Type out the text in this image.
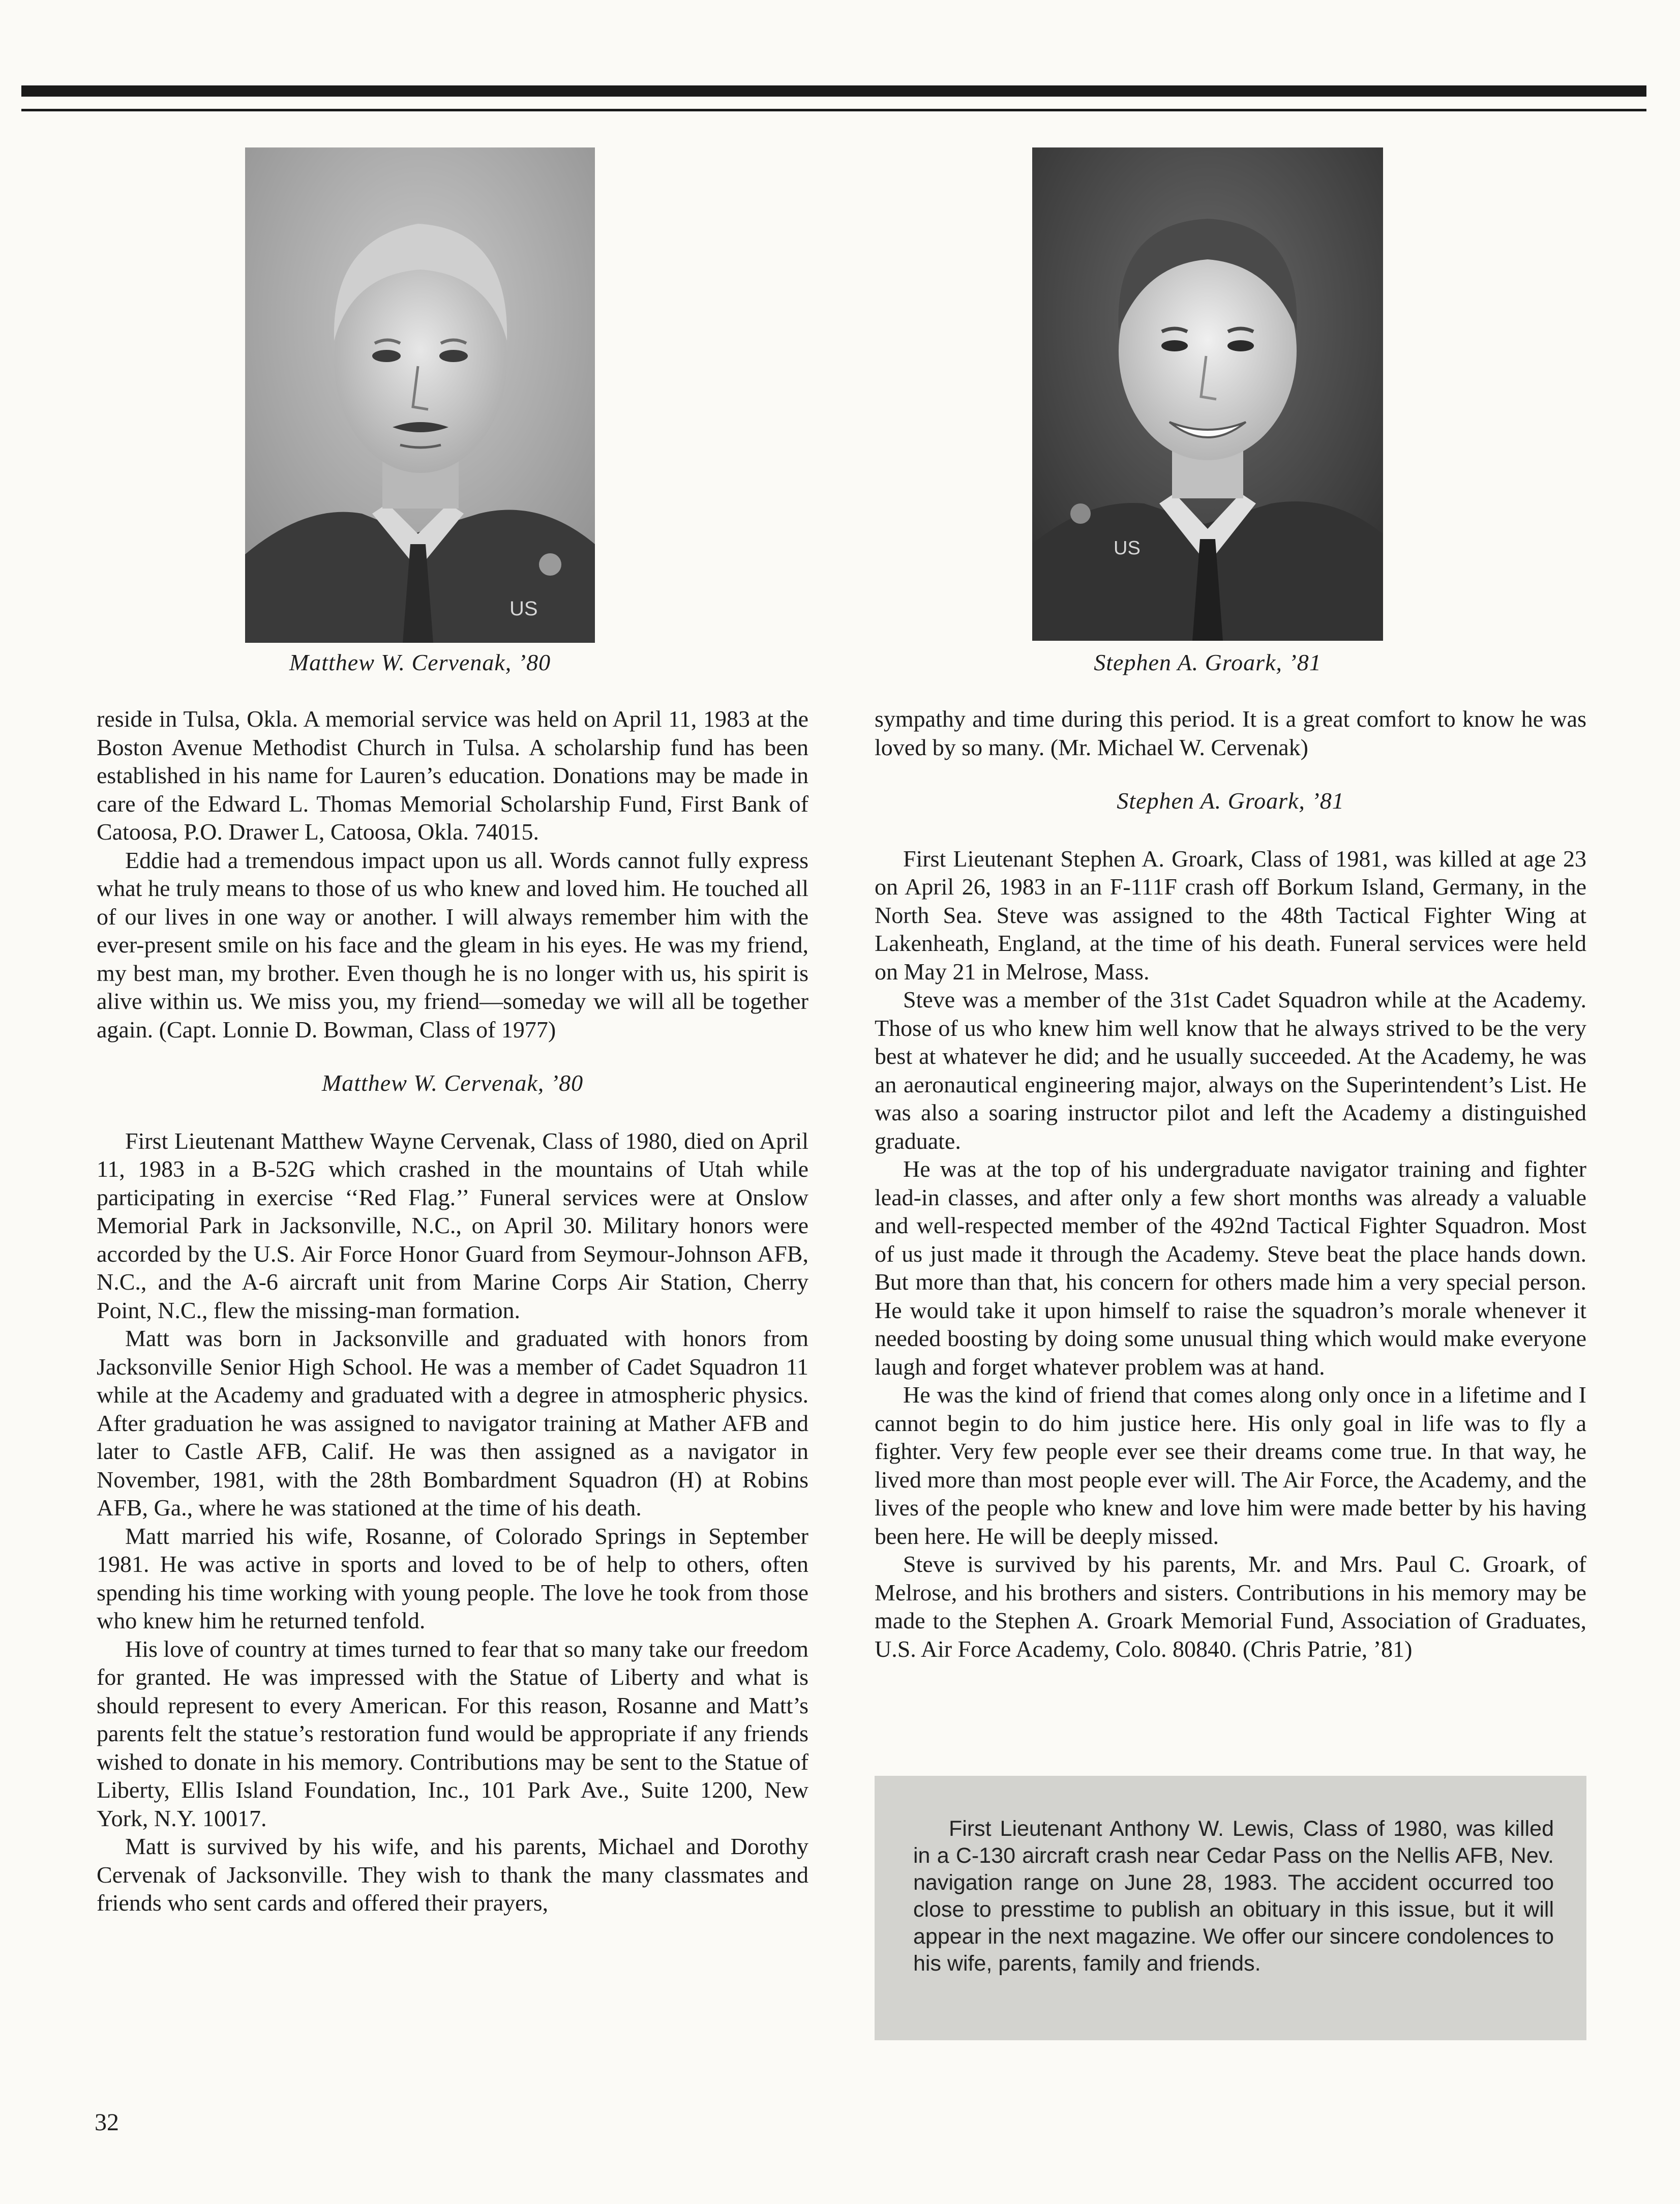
US
Matthew W. Cervenak, ’80
US
Stephen A. Groark, ’81

reside in Tulsa, Okla. A memorial service was held on April 11, 1983 at the Boston Avenue Methodist Church in Tulsa. A scholarship fund has been established in his name for Lauren’s education. Donations may be made in care of the Edward L. Thomas Memorial Scholarship Fund, First Bank of Catoosa, P.O. Drawer L, Catoosa, Okla. 74015.

Eddie had a tremendous impact upon us all. Words cannot fully express what he truly means to those of us who knew and loved him. He touched all of our lives in one way or another. I will always remember him with the ever-present smile on his face and the gleam in his eyes. He was my friend, my best man, my brother. Even though he is no longer with us, his spirit is alive within us. We miss you, my friend—someday we will all be together again. (Capt. Lonnie D. Bowman, Class of 1977)

Matthew W. Cervenak, ’80

First Lieutenant Matthew Wayne Cervenak, Class of 1980, died on April 11, 1983 in a B-52G which crashed in the mountains of Utah while participating in exercise ‘‘Red Flag.’’ Funeral services were at Onslow Memorial Park in Jacksonville, N.C., on April 30. Military honors were accorded by the U.S. Air Force Honor Guard from Seymour-Johnson AFB, N.C., and the A-6 aircraft unit from Marine Corps Air Station, Cherry Point, N.C., flew the missing-man formation.

Matt was born in Jacksonville and graduated with honors from Jacksonville Senior High School. He was a member of Cadet Squadron 11 while at the Academy and graduated with a degree in atmospheric physics. After graduation he was assigned to navigator training at Mather AFB and later to Castle AFB, Calif. He was then assigned as a navigator in November, 1981, with the 28th Bombardment Squadron (H) at Robins AFB, Ga., where he was stationed at the time of his death.

Matt married his wife, Rosanne, of Colorado Springs in September 1981. He was active in sports and loved to be of help to others, often spending his time working with young people. The love he took from those who knew him he returned tenfold.

His love of country at times turned to fear that so many take our freedom for granted. He was impressed with the Statue of Liberty and what is should represent to every American. For this reason, Rosanne and Matt’s parents felt the statue’s restoration fund would be appropriate if any friends wished to donate in his memory. Contributions may be sent to the Statue of Liberty, Ellis Island Foundation, Inc., 101 Park Ave., Suite 1200, New York, N.Y. 10017.

Matt is survived by his wife, and his parents, Michael and Dorothy Cervenak of Jacksonville. They wish to thank the many classmates and friends who sent cards and offered their prayers,

sympathy and time during this period. It is a great comfort to know he was loved by so many. (Mr. Michael W. Cervenak)

Stephen A. Groark, ’81

First Lieutenant Stephen A. Groark, Class of 1981, was killed at age 23 on April 26, 1983 in an F-111F crash off Borkum Island, Germany, in the North Sea. Steve was assigned to the 48th Tactical Fighter Wing at Lakenheath, England, at the time of his death. Funeral services were held on May 21 in Melrose, Mass.

Steve was a member of the 31st Cadet Squadron while at the Academy. Those of us who knew him well know that he always strived to be the very best at whatever he did; and he usually succeeded. At the Academy, he was an aeronautical engineering major, always on the Superintendent’s List. He was also a soaring instructor pilot and left the Academy a distinguished graduate.

He was at the top of his undergraduate navigator training and fighter lead-in classes, and after only a few short months was already a valuable and well-respected member of the 492nd Tactical Fighter Squadron. Most of us just made it through the Academy. Steve beat the place hands down. But more than that, his concern for others made him a very special person. He would take it upon himself to raise the squadron’s morale whenever it needed boosting by doing some unusual thing which would make everyone laugh and forget whatever problem was at hand.

He was the kind of friend that comes along only once in a lifetime and I cannot begin to do him justice here. His only goal in life was to fly a fighter. Very few people ever see their dreams come true. In that way, he lived more than most people ever will. The Air Force, the Academy, and the lives of the people who knew and love him were made better by his having been here. He will be deeply missed.

Steve is survived by his parents, Mr. and Mrs. Paul C. Groark, of Melrose, and his brothers and sisters. Contributions in his memory may be made to the Stephen A. Groark Memorial Fund, Association of Graduates, U.S. Air Force Academy, Colo. 80840. (Chris Patrie, ’81)

First Lieutenant Anthony W. Lewis, Class of 1980, was killed in a C-130 aircraft crash near Cedar Pass on the Nellis AFB, Nev. navigation range on June 28, 1983. The accident occurred too close to presstime to publish an obituary in this issue, but it will appear in the next magazine. We offer our sincere condolences to his wife, parents, family and friends.

32
